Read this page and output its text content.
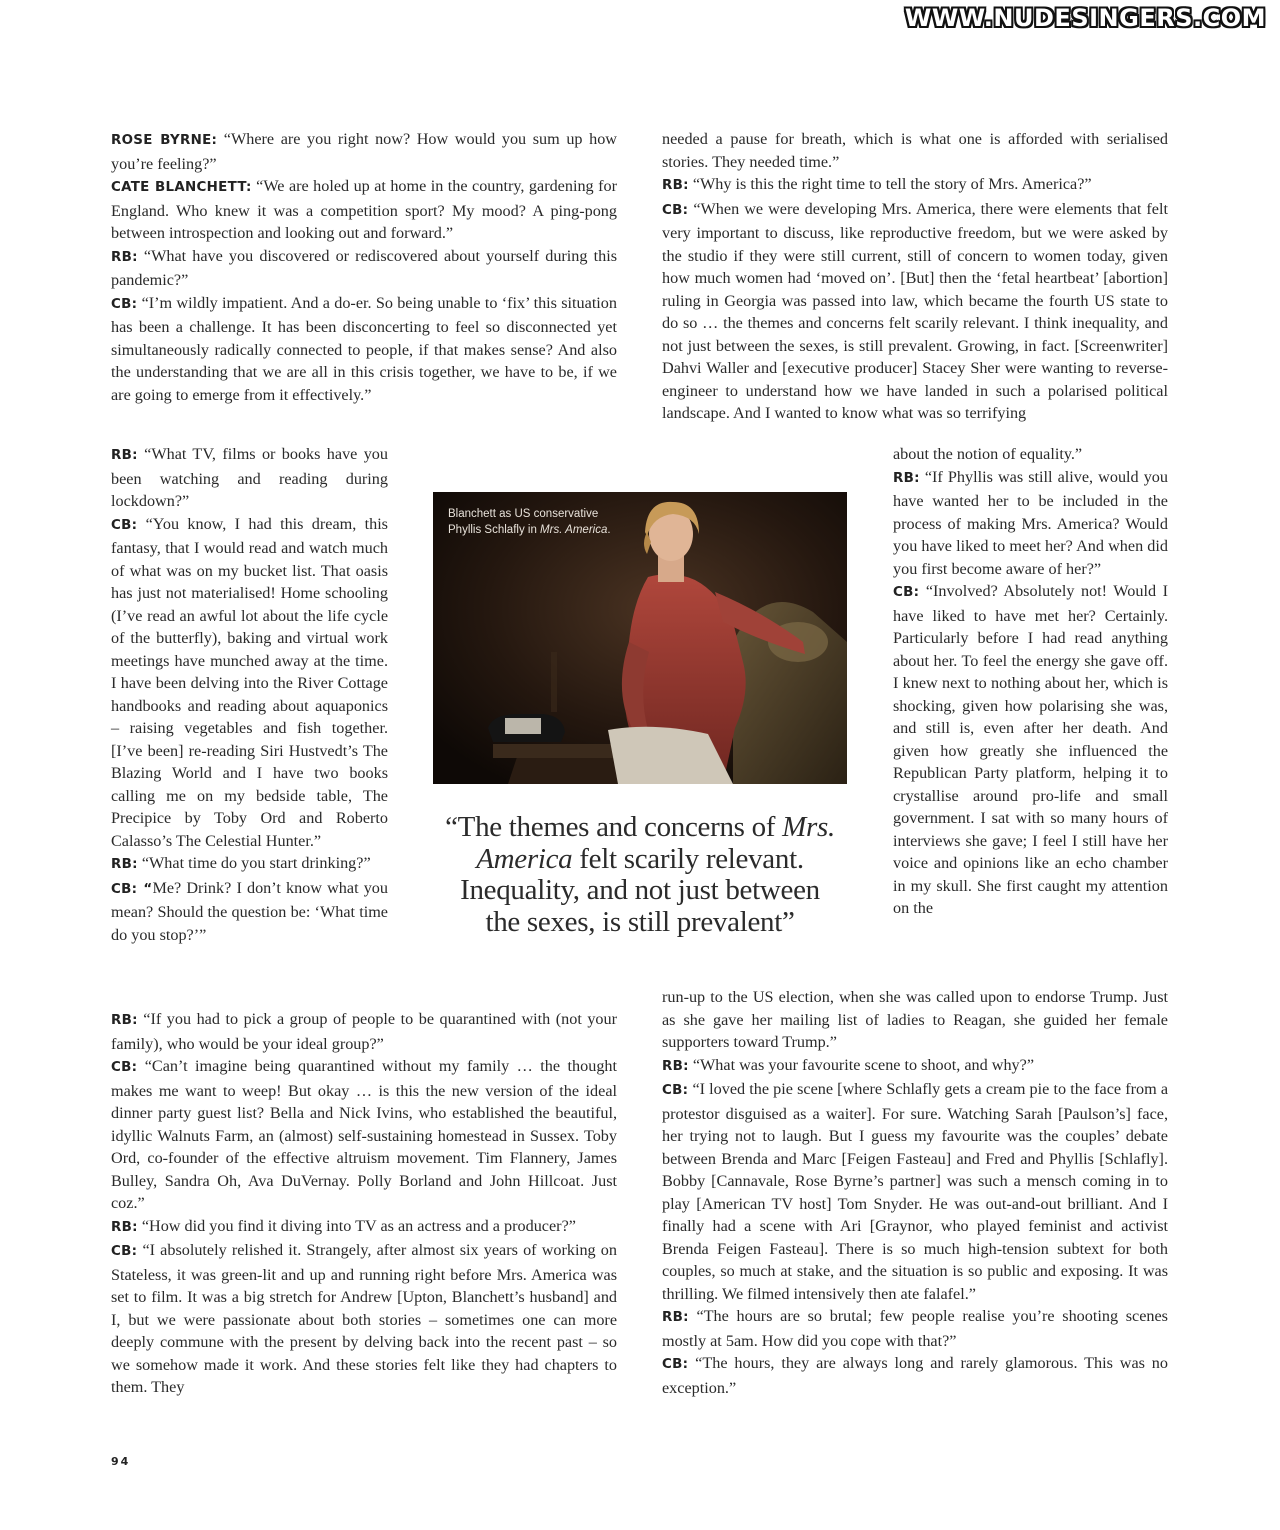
WWW.NUDESINGERS.COM

ROSE BYRNE: “Where are you right now? How would you sum up how you’re feeling?”

CATE BLANCHETT: “We are holed up at home in the country, gardening for England. Who knew it was a competition sport? My mood? A ping-pong between introspection and looking out and forward.”

RB: “What have you discovered or rediscovered about yourself during this pandemic?”

CB: “I’m wildly impatient. And a do-er. So being unable to ‘fix’ this situation has been a challenge. It has been disconcerting to feel so disconnected yet simultaneously radically connected to people, if that makes sense? And also the understanding that we are all in this crisis together, we have to be, if we are going to emerge from it effectively.”

RB: “What TV, films or books have you been watching and reading during lockdown?”

CB: “You know, I had this dream, this fantasy, that I would read and watch much of what was on my bucket list. That oasis has just not materialised! Home schooling (I’ve read an awful lot about the life cycle of the butterfly), baking and virtual work meetings have munched away at the time. I have been delving into the River Cottage handbooks and reading about aquaponics – raising vegetables and fish together. [I’ve been] re-reading Siri Hustvedt’s The Blazing World and I have two books calling me on my bedside table, The Precipice by Toby Ord and Roberto Calasso’s The Celestial Hunter.”

RB: “What time do you start drinking?”

CB: “Me? Drink? I don’t know what you mean? Should the question be: ‘What time do you stop?’”

RB: “If you had to pick a group of people to be quarantined with (not your family), who would be your ideal group?”

CB: “Can’t imagine being quarantined without my family … the thought makes me want to weep! But okay … is this the new version of the ideal dinner party guest list? Bella and Nick Ivins, who established the beautiful, idyllic Walnuts Farm, an (almost) self-sustaining homestead in Sussex. Toby Ord, co-founder of the effective altruism movement. Tim Flannery, James Bulley, Sandra Oh, Ava DuVernay. Polly Borland and John Hillcoat. Just coz.”

RB: “How did you find it diving into TV as an actress and a producer?”

CB: “I absolutely relished it. Strangely, after almost six years of working on Stateless, it was green-lit and up and running right before Mrs. America was set to film. It was a big stretch for Andrew [Upton, Blanchett’s husband] and I, but we were passionate about both stories – sometimes one can more deeply commune with the present by delving back into the recent past – so we somehow made it work. And these stories felt like they had chapters to them. They

needed a pause for breath, which is what one is afforded with serialised stories. They needed time.”

RB: “Why is this the right time to tell the story of Mrs. America?”

CB: “When we were developing Mrs. America, there were elements that felt very important to discuss, like reproductive freedom, but we were asked by the studio if they were still current, still of concern to women today, given how much women had ‘moved on’. [But] then the ‘fetal heartbeat’ [abortion] ruling in Georgia was passed into law, which became the fourth US state to do so … the themes and concerns felt scarily relevant. I think inequality, and not just between the sexes, is still prevalent. Growing, in fact. [Screenwriter] Dahvi Waller and [executive producer] Stacey Sher were wanting to reverse-engineer to understand how we have landed in such a polarised political landscape. And I wanted to know what was so terrifying

about the notion of equality.”

RB: “If Phyllis was still alive, would you have wanted her to be included in the process of making Mrs. America? Would you have liked to meet her? And when did you first become aware of her?”

CB: “Involved? Absolutely not! Would I have liked to have met her? Certainly. Particularly before I had read anything about her. To feel the energy she gave off. I knew next to nothing about her, which is shocking, given how polarising she was, and still is, even after her death. And given how greatly she influenced the Republican Party platform, helping it to crystallise around pro-life and small government. I sat with so many hours of interviews she gave; I feel I still have her voice and opinions like an echo chamber in my skull. She first caught my attention on the

run-up to the US election, when she was called upon to endorse Trump. Just as she gave her mailing list of ladies to Reagan, she guided her female supporters toward Trump.”

RB: “What was your favourite scene to shoot, and why?”

CB: “I loved the pie scene [where Schlafly gets a cream pie to the face from a protestor disguised as a waiter]. For sure. Watching Sarah [Paulson’s] face, her trying not to laugh. But I guess my favourite was the couples’ debate between Brenda and Marc [Feigen Fasteau] and Fred and Phyllis [Schlafly]. Bobby [Cannavale, Rose Byrne’s partner] was such a mensch coming in to play [American TV host] Tom Snyder. He was out-and-out brilliant. And I finally had a scene with Ari [Graynor, who played feminist and activist Brenda Feigen Fasteau]. There is so much high-tension subtext for both couples, so much at stake, and the situation is so public and exposing. It was thrilling. We filmed intensively then ate falafel.”

RB: “The hours are so brutal; few people realise you’re shooting scenes mostly at 5am. How did you cope with that?”

CB: “The hours, they are always long and rarely glamorous. This was no exception.”

Blanchett as US conservative Phyllis Schlafly in Mrs. America.
“The themes and concerns of Mrs. America felt scarily relevant. Inequality, and not just between the sexes, is still prevalent”
94
